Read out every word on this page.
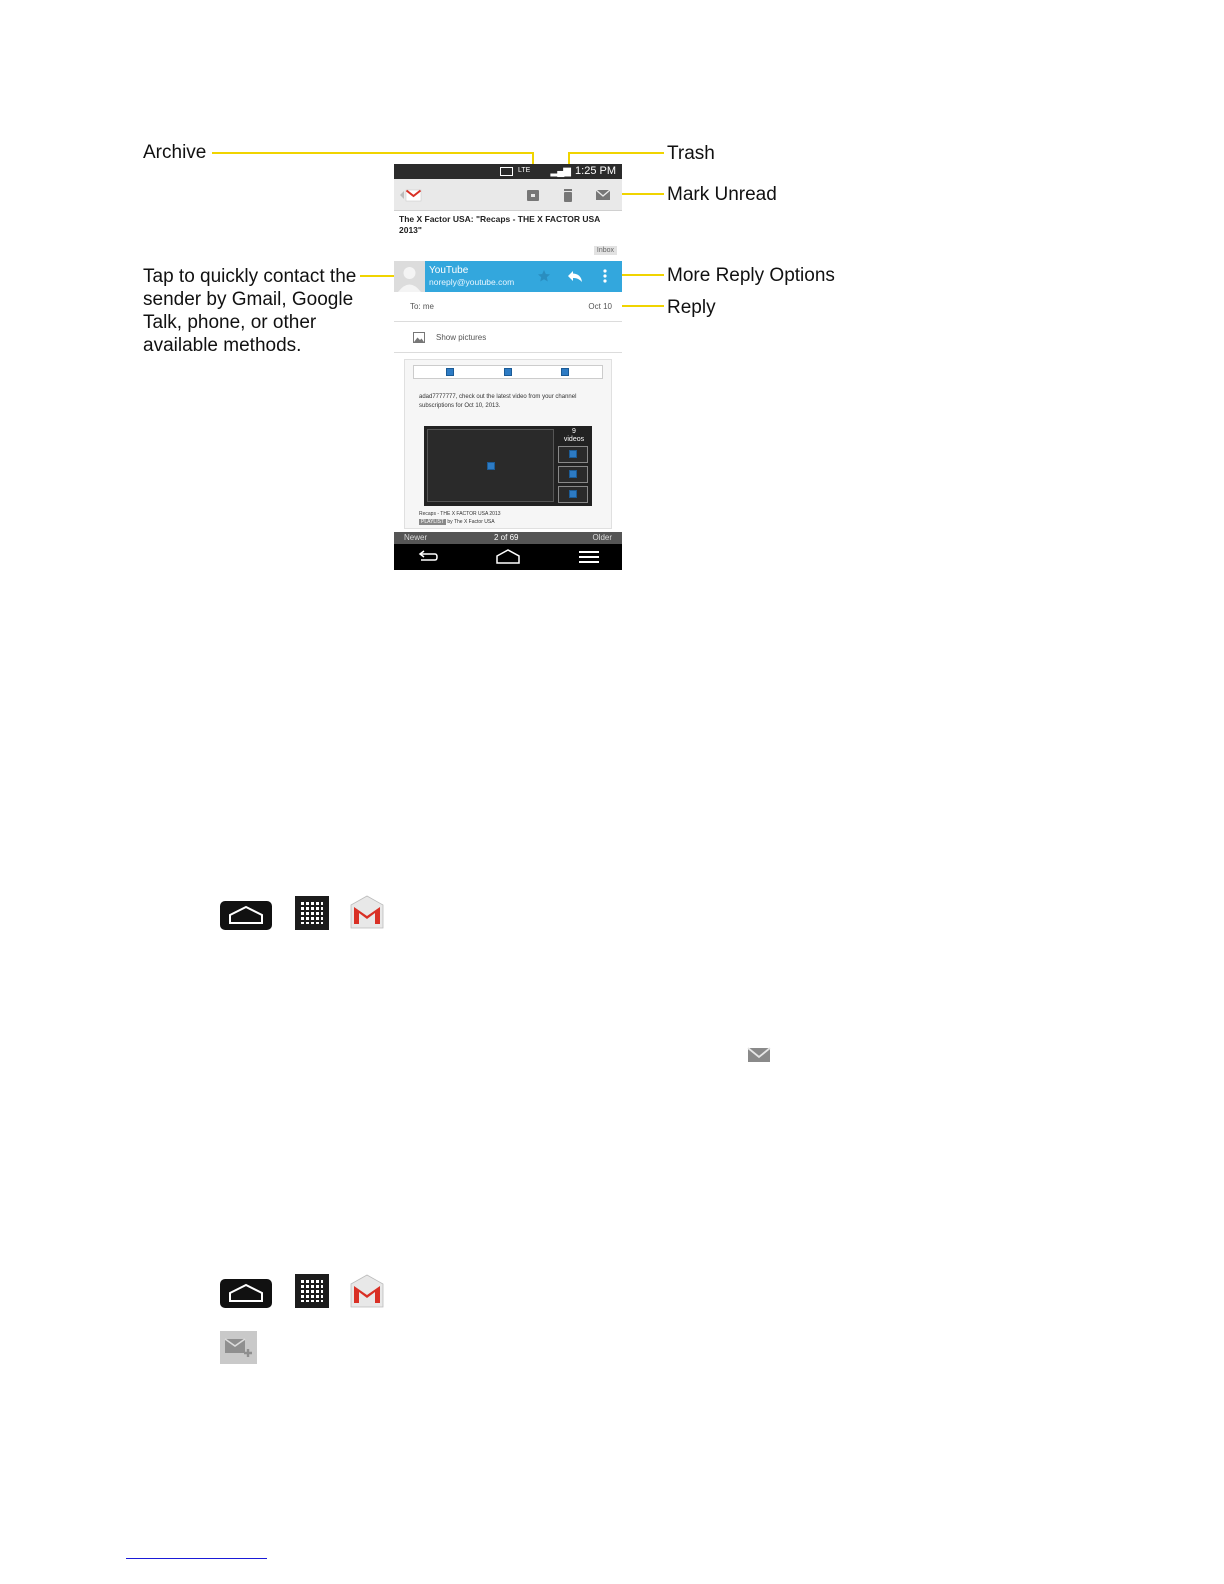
Archive	Trash
Mark Unread
More Reply Options
Reply
Tap to quickly contact the sender by Gmail, Google Talk, phone, or other available methods.
LTE ▂▄▆ 1:25 PM
The X Factor USA: "Recaps - THE X FACTOR USA 2013"
Inbox
YouTube
noreply@youtube.com
To: me	Oct 10
Show pictures
adad7777777, check out the latest video from your channel subscriptions for Oct 10, 2013.
9
videos
Recaps - THE X FACTOR USA 2013
PLAYLIST by The X Factor USA
Newer	2 of 69	Older
